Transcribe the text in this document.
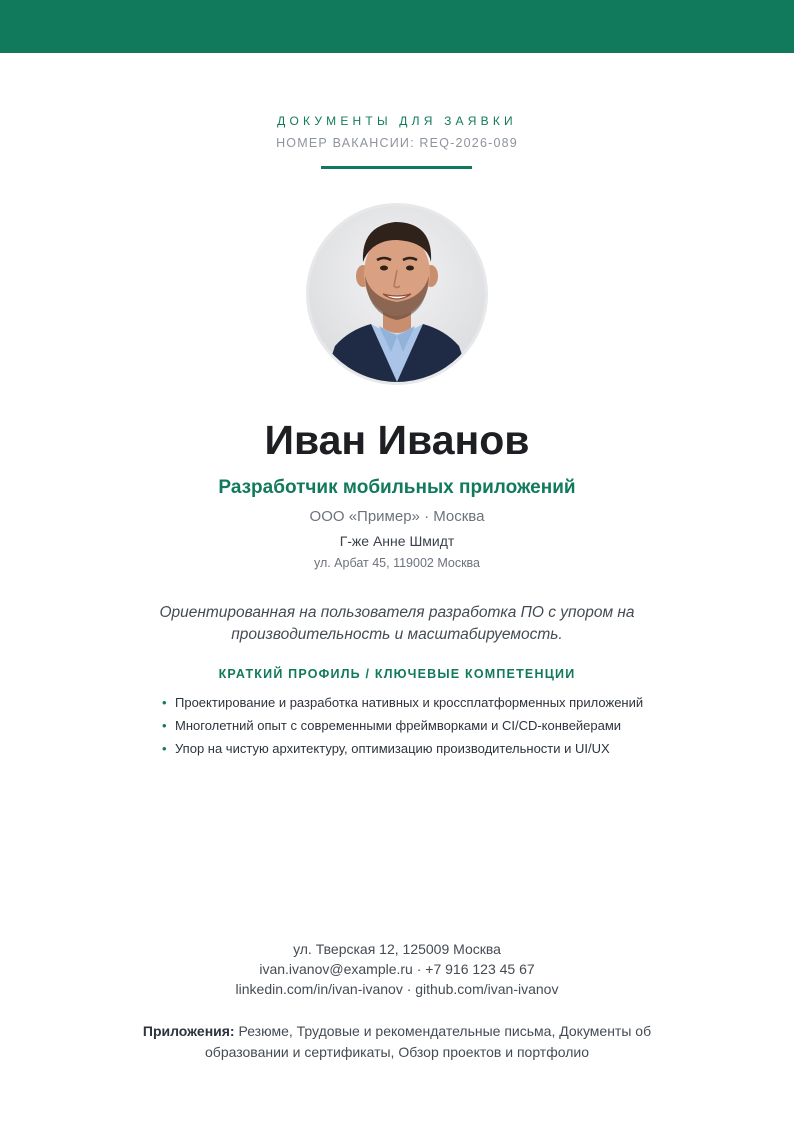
ДОКУМЕНТЫ ДЛЯ ЗАЯВКИ
НОМЕР ВАКАНСИИ: REQ-2026-089
Иван Иванов
Разработчик мобильных приложений
ООО «Пример» · Москва
Г-же Анне Шмидт
ул. Арбат 45, 119002 Москва
Ориентированная на пользователя разработка ПО с упором на производительность и масштабируемость.
КРАТКИЙ ПРОФИЛЬ / КЛЮЧЕВЫЕ КОМПЕТЕНЦИИ
• Проектирование и разработка нативных и кроссплатформенных приложений
• Многолетний опыт с современными фреймворками и CI/CD-конвейерами
• Упор на чистую архитектуру, оптимизацию производительности и UI/UX
ул. Тверская 12, 125009 Москва
ivan.ivanov@example.ru · +7 916 123 45 67
linkedin.com/in/ivan-ivanov · github.com/ivan-ivanov
Приложения: Резюме, Трудовые и рекомендательные письма, Документы об образовании и сертификаты, Обзор проектов и портфолио
